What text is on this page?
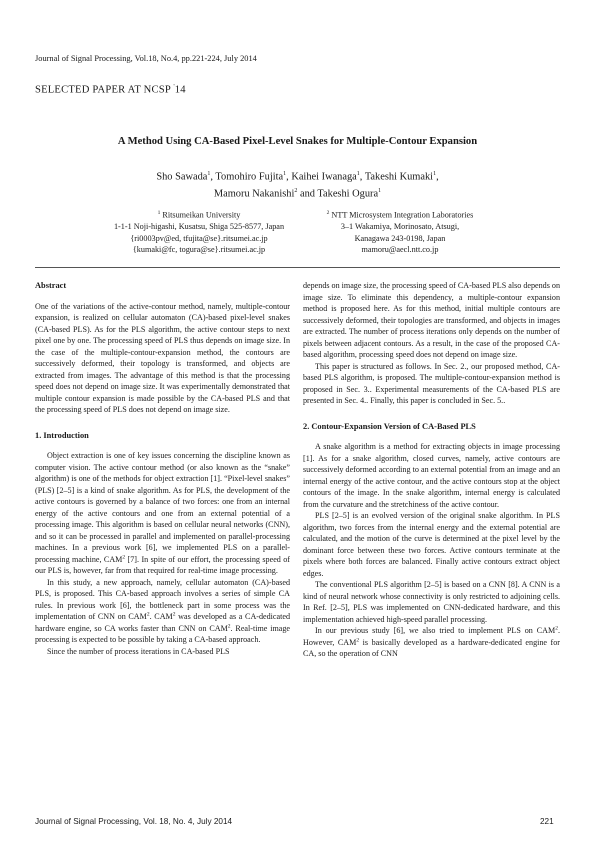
Journal of Signal Processing, Vol.18, No.4, pp.221-224, July 2014
SELECTED PAPER AT NCSP '14
A Method Using CA-Based Pixel-Level Snakes for Multiple-Contour Expansion
Sho Sawada$^1$, Tomohiro Fujita$^1$, Kaihei Iwanaga$^1$, Takeshi Kumaki$^1$,
Mamoru Nakanishi$^2$ and Takeshi Ogura$^1$
$^1$ Ritsumeikan University
1-1-1 Noji-higashi, Kusatsu, Shiga 525-8577, Japan
{ri0003pv@ed, tfujita@se}.ritsumei.ac.jp
{kumaki@fc, togura@se}.ritsumei.ac.jp
$^2$ NTT Microsystem Integration Laboratories
3–1 Wakamiya, Morinosato, Atsugi,
Kanagawa 243-0198, Japan
mamoru@aecl.ntt.co.jp
Abstract

One of the variations of the active-contour method, namely, multiple-contour expansion, is realized on cellular automaton (CA)-based pixel-level snakes (CA-based PLS). As for the PLS algorithm, the active contour steps to next pixel one by one. The processing speed of PLS thus depends on image size. In the case of the multiple-contour-expansion method, the contours are successively deformed, their topology is transformed, and objects are extracted from images. The advantage of this method is that the processing speed does not depend on image size. It was experimentally demonstrated that multiple contour expansion is made possible by the CA-based PLS and that the processing speed of PLS does not depend on image size.

1. Introduction

Object extraction is one of key issues concerning the discipline known as computer vision. The active contour method (or also known as the “snake” algorithm) is one of the methods for object extraction [1]. “Pixel-level snakes” (PLS) [2–5] is a kind of snake algorithm. As for PLS, the development of the active contours is governed by a balance of two forces: one from an internal energy of the active contours and one from an external potential of a processing image. This algorithm is based on cellular neural networks (CNN), and so it can be processed in parallel and implemented on parallel-processing machines. In a previous work [6], we implemented PLS on a parallel-processing machine, CAM$^2$ [7]. In spite of our effort, the processing speed of our PLS is, however, far from that required for real-time image processing.

In this study, a new approach, namely, cellular automaton (CA)-based PLS, is proposed. This CA-based approach involves a series of simple CA rules. In previous work [6], the bottleneck part in some process was the implementation of CNN on CAM$^2$. CAM$^2$ was developed as a CA-dedicated hardware engine, so CA works faster than CNN on CAM$^2$. Real-time image processing is expected to be possible by taking a CA-based approach.

Since the number of process iterations in CA-based PLS

depends on image size, the processing speed of CA-based PLS also depends on image size. To eliminate this dependency, a multiple-contour expansion method is proposed here. As for this method, initial multiple contours are successively deformed, their topologies are transformed, and objects in images are extracted. The number of process iterations only depends on the number of pixels between adjacent contours. As a result, in the case of the proposed CA-based algorithm, processing speed does not depend on image size.

This paper is structured as follows. In Sec. 2., our proposed method, CA-based PLS algorithm, is proposed. The multiple-contour-expansion method is proposed in Sec. 3.. Experimental measurements of the CA-based PLS are presented in Sec. 4.. Finally, this paper is concluded in Sec. 5..

2. Contour-Expansion Version of CA-Based PLS

A snake algorithm is a method for extracting objects in image processing [1]. As for a snake algorithm, closed curves, namely, active contours are successively deformed according to an external potential from an image and an internal energy of the active contour, and the active contours stop at the object contours of the image. In the snake algorithm, internal energy is calculated from the curvature and the stretchiness of the active contour.

PLS [2–5] is an evolved version of the original snake algorithm. In PLS algorithm, two forces from the internal energy and the external potential are calculated, and the motion of the curve is determined at the pixel level by the dominant force between these two forces. Active contours terminate at the pixels where both forces are balanced. Finally active contours extract object edges.

The conventional PLS algorithm [2–5] is based on a CNN [8]. A CNN is a kind of neural network whose connectivity is only restricted to adjoining cells. In Ref. [2–5], PLS was implemented on CNN-dedicated hardware, and this implementation achieved high-speed parallel processing.

In our previous study [6], we also tried to implement PLS on CAM$^2$. However, CAM$^2$ is basically developed as a hardware-dedicated engine for CA, so the operation of CNN

Journal of Signal Processing, Vol. 18, No. 4, July 2014	221
